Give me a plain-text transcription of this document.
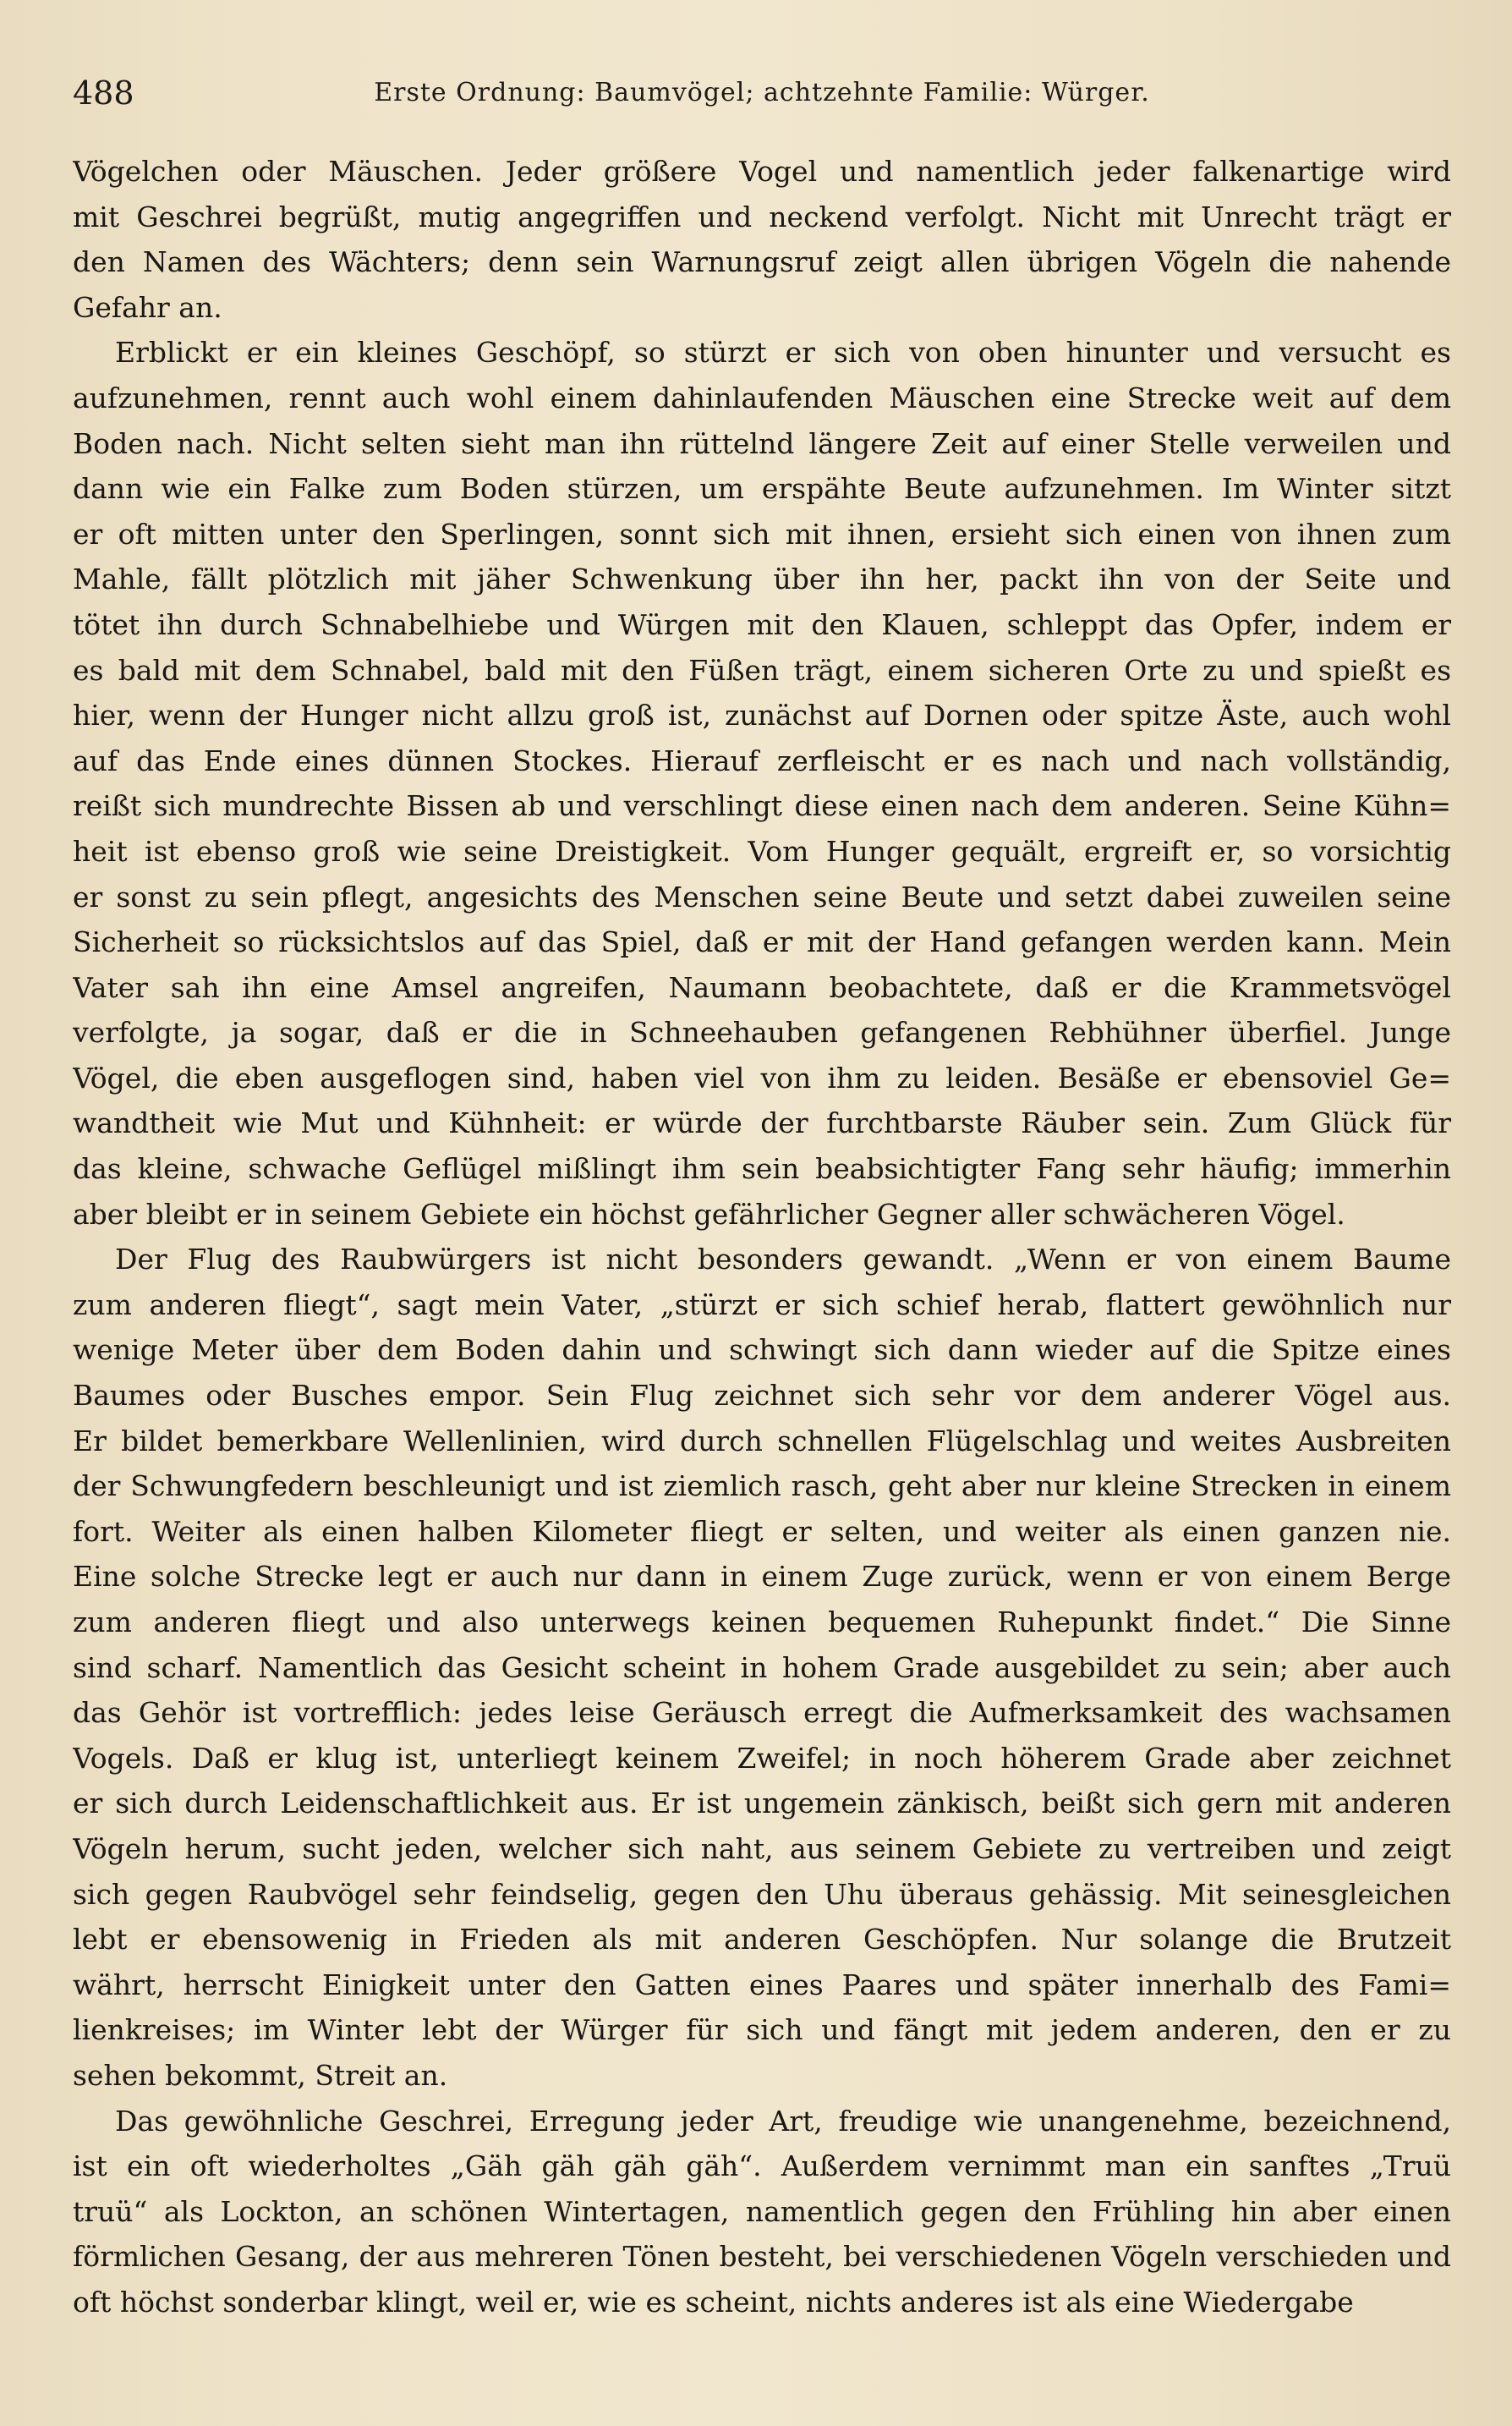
488	Erste Ordnung: Baumvögel; achtzehnte Familie: Würger.
Vögelchen oder Mäuschen. Jeder größere Vogel und namentlich jeder falkenartige wird
mit Geschrei begrüßt, mutig angegriffen und neckend verfolgt. Nicht mit Unrecht trägt er
den Namen des Wächters; denn sein Warnungsruf zeigt allen übrigen Vögeln die nahende
Gefahr an.
Erblickt er ein kleines Geschöpf, so stürzt er sich von oben hinunter und versucht es
aufzunehmen, rennt auch wohl einem dahinlaufenden Mäuschen eine Strecke weit auf dem
Boden nach. Nicht selten sieht man ihn rüttelnd längere Zeit auf einer Stelle verweilen und
dann wie ein Falke zum Boden stürzen, um erspähte Beute aufzunehmen. Im Winter sitzt
er oft mitten unter den Sperlingen, sonnt sich mit ihnen, ersieht sich einen von ihnen zum
Mahle, fällt plötzlich mit jäher Schwenkung über ihn her, packt ihn von der Seite und
tötet ihn durch Schnabelhiebe und Würgen mit den Klauen, schleppt das Opfer, indem er
es bald mit dem Schnabel, bald mit den Füßen trägt, einem sicheren Orte zu und spießt es
hier, wenn der Hunger nicht allzu groß ist, zunächst auf Dornen oder spitze Äste, auch wohl
auf das Ende eines dünnen Stockes. Hierauf zerfleischt er es nach und nach vollständig,
reißt sich mundrechte Bissen ab und verschlingt diese einen nach dem anderen. Seine Kühn=
heit ist ebenso groß wie seine Dreistigkeit. Vom Hunger gequält, ergreift er, so vorsichtig
er sonst zu sein pflegt, angesichts des Menschen seine Beute und setzt dabei zuweilen seine
Sicherheit so rücksichtslos auf das Spiel, daß er mit der Hand gefangen werden kann. Mein
Vater sah ihn eine Amsel angreifen, Naumann beobachtete, daß er die Krammetsvögel
verfolgte, ja sogar, daß er die in Schneehauben gefangenen Rebhühner überfiel. Junge
Vögel, die eben ausgeflogen sind, haben viel von ihm zu leiden. Besäße er ebensoviel Ge=
wandtheit wie Mut und Kühnheit: er würde der furchtbarste Räuber sein. Zum Glück für
das kleine, schwache Geflügel mißlingt ihm sein beabsichtigter Fang sehr häufig; immerhin
aber bleibt er in seinem Gebiete ein höchst gefährlicher Gegner aller schwächeren Vögel.
Der Flug des Raubwürgers ist nicht besonders gewandt. „Wenn er von einem Baume
zum anderen fliegt“, sagt mein Vater, „stürzt er sich schief herab, flattert gewöhnlich nur
wenige Meter über dem Boden dahin und schwingt sich dann wieder auf die Spitze eines
Baumes oder Busches empor. Sein Flug zeichnet sich sehr vor dem anderer Vögel aus.
Er bildet bemerkbare Wellenlinien, wird durch schnellen Flügelschlag und weites Ausbreiten
der Schwungfedern beschleunigt und ist ziemlich rasch, geht aber nur kleine Strecken in einem
fort. Weiter als einen halben Kilometer fliegt er selten, und weiter als einen ganzen nie.
Eine solche Strecke legt er auch nur dann in einem Zuge zurück, wenn er von einem Berge
zum anderen fliegt und also unterwegs keinen bequemen Ruhepunkt findet.“ Die Sinne
sind scharf. Namentlich das Gesicht scheint in hohem Grade ausgebildet zu sein; aber auch
das Gehör ist vortrefflich: jedes leise Geräusch erregt die Aufmerksamkeit des wachsamen
Vogels. Daß er klug ist, unterliegt keinem Zweifel; in noch höherem Grade aber zeichnet
er sich durch Leidenschaftlichkeit aus. Er ist ungemein zänkisch, beißt sich gern mit anderen
Vögeln herum, sucht jeden, welcher sich naht, aus seinem Gebiete zu vertreiben und zeigt
sich gegen Raubvögel sehr feindselig, gegen den Uhu überaus gehässig. Mit seinesgleichen
lebt er ebensowenig in Frieden als mit anderen Geschöpfen. Nur solange die Brutzeit
währt, herrscht Einigkeit unter den Gatten eines Paares und später innerhalb des Fami=
lienkreises; im Winter lebt der Würger für sich und fängt mit jedem anderen, den er zu
sehen bekommt, Streit an.
Das gewöhnliche Geschrei, Erregung jeder Art, freudige wie unangenehme, bezeichnend,
ist ein oft wiederholtes „Gäh gäh gäh gäh“. Außerdem vernimmt man ein sanftes „Truü
truü“ als Lockton, an schönen Wintertagen, namentlich gegen den Frühling hin aber einen
förmlichen Gesang, der aus mehreren Tönen besteht, bei verschiedenen Vögeln verschieden und
oft höchst sonderbar klingt, weil er, wie es scheint, nichts anderes ist als eine Wiedergabe
